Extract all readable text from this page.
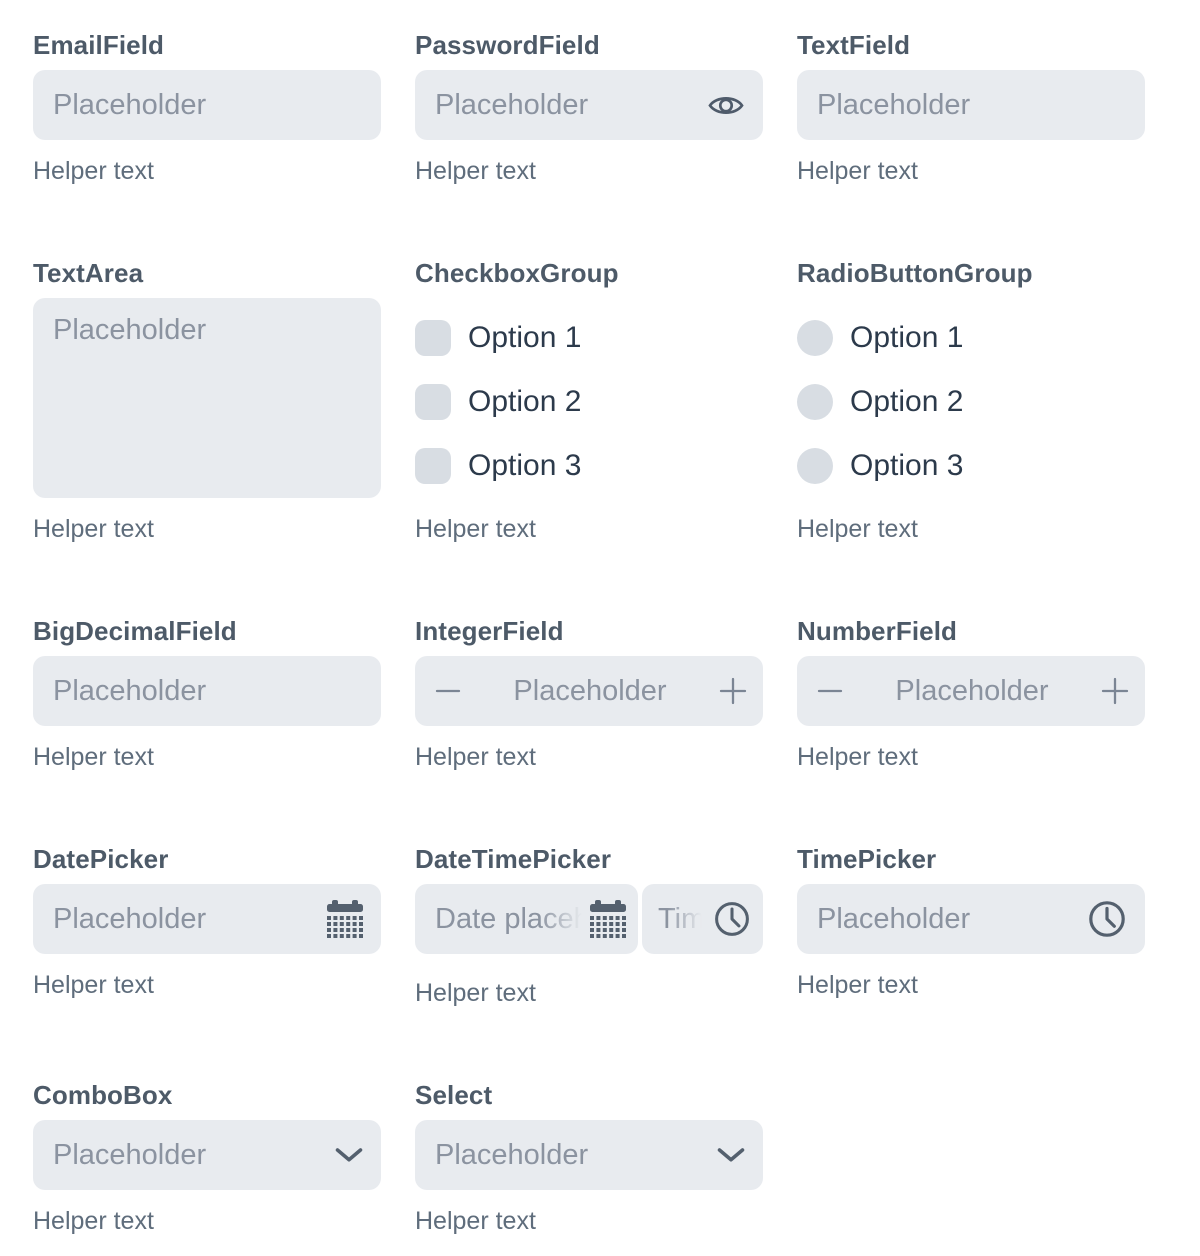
EmailField
Placeholder
Helper text
PasswordField
Placeholder
Helper text
TextField
Placeholder
Helper text
TextArea
Placeholder
Helper text
CheckboxGroup
Option 1
Option 2
Option 3
Helper text
RadioButtonGroup
Option 1
Option 2
Option 3
Helper text
BigDecimalField
Placeholder
Helper text
IntegerField
Placeholder
Helper text
NumberField
Placeholder
Helper text
DatePicker
Placeholder
Helper text
DateTimePicker
Date placeholder
Time placeholder
Helper text
TimePicker
Placeholder
Helper text
ComboBox
Placeholder
Helper text
Select
Placeholder
Helper text
